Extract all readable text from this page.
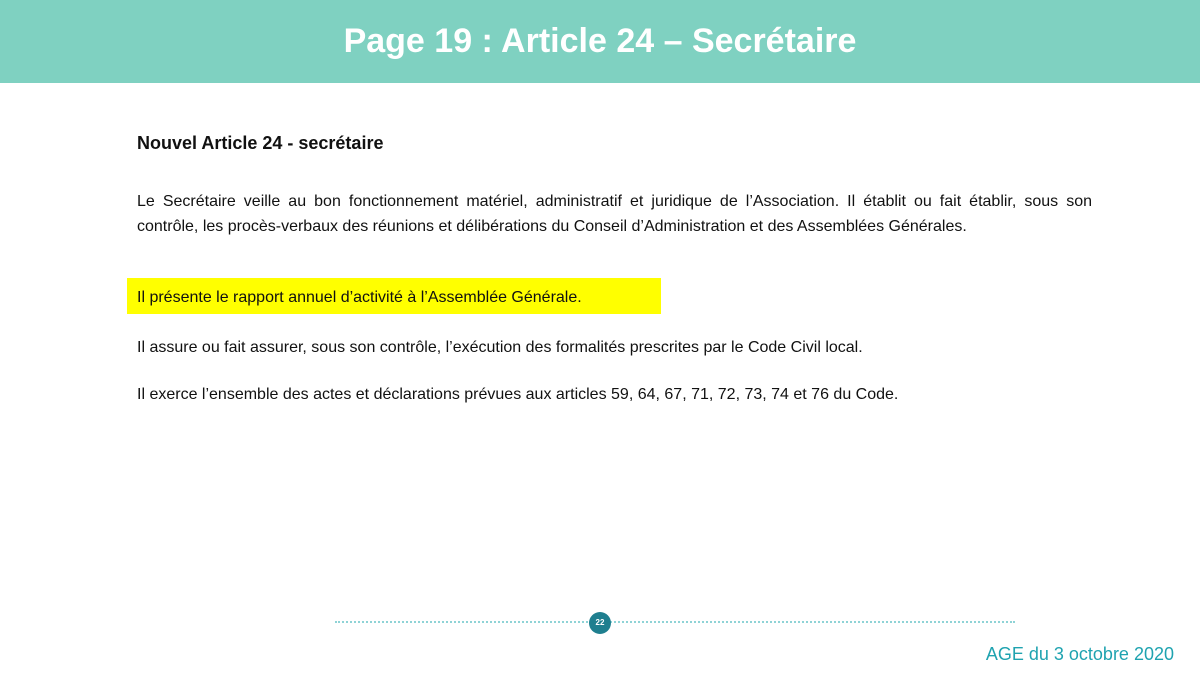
Page 19 : Article 24 – Secrétaire

Nouvel Article 24 - secrétaire

Le Secrétaire veille au bon fonctionnement matériel, administratif et juridique de l’Association. Il établit ou fait établir, sous son contrôle, les procès-verbaux des réunions et délibérations du Conseil d’Administration et des Assemblées Générales.

Il présente le rapport annuel d’activité à l’Assemblée Générale.

Il assure ou fait assurer, sous son contrôle, l’exécution des formalités prescrites par le Code Civil local.

Il exerce l’ensemble des actes et déclarations prévues aux articles 59, 64, 67, 71, 72, 73, 74 et 76 du Code.

22

AGE du 3 octobre 2020
